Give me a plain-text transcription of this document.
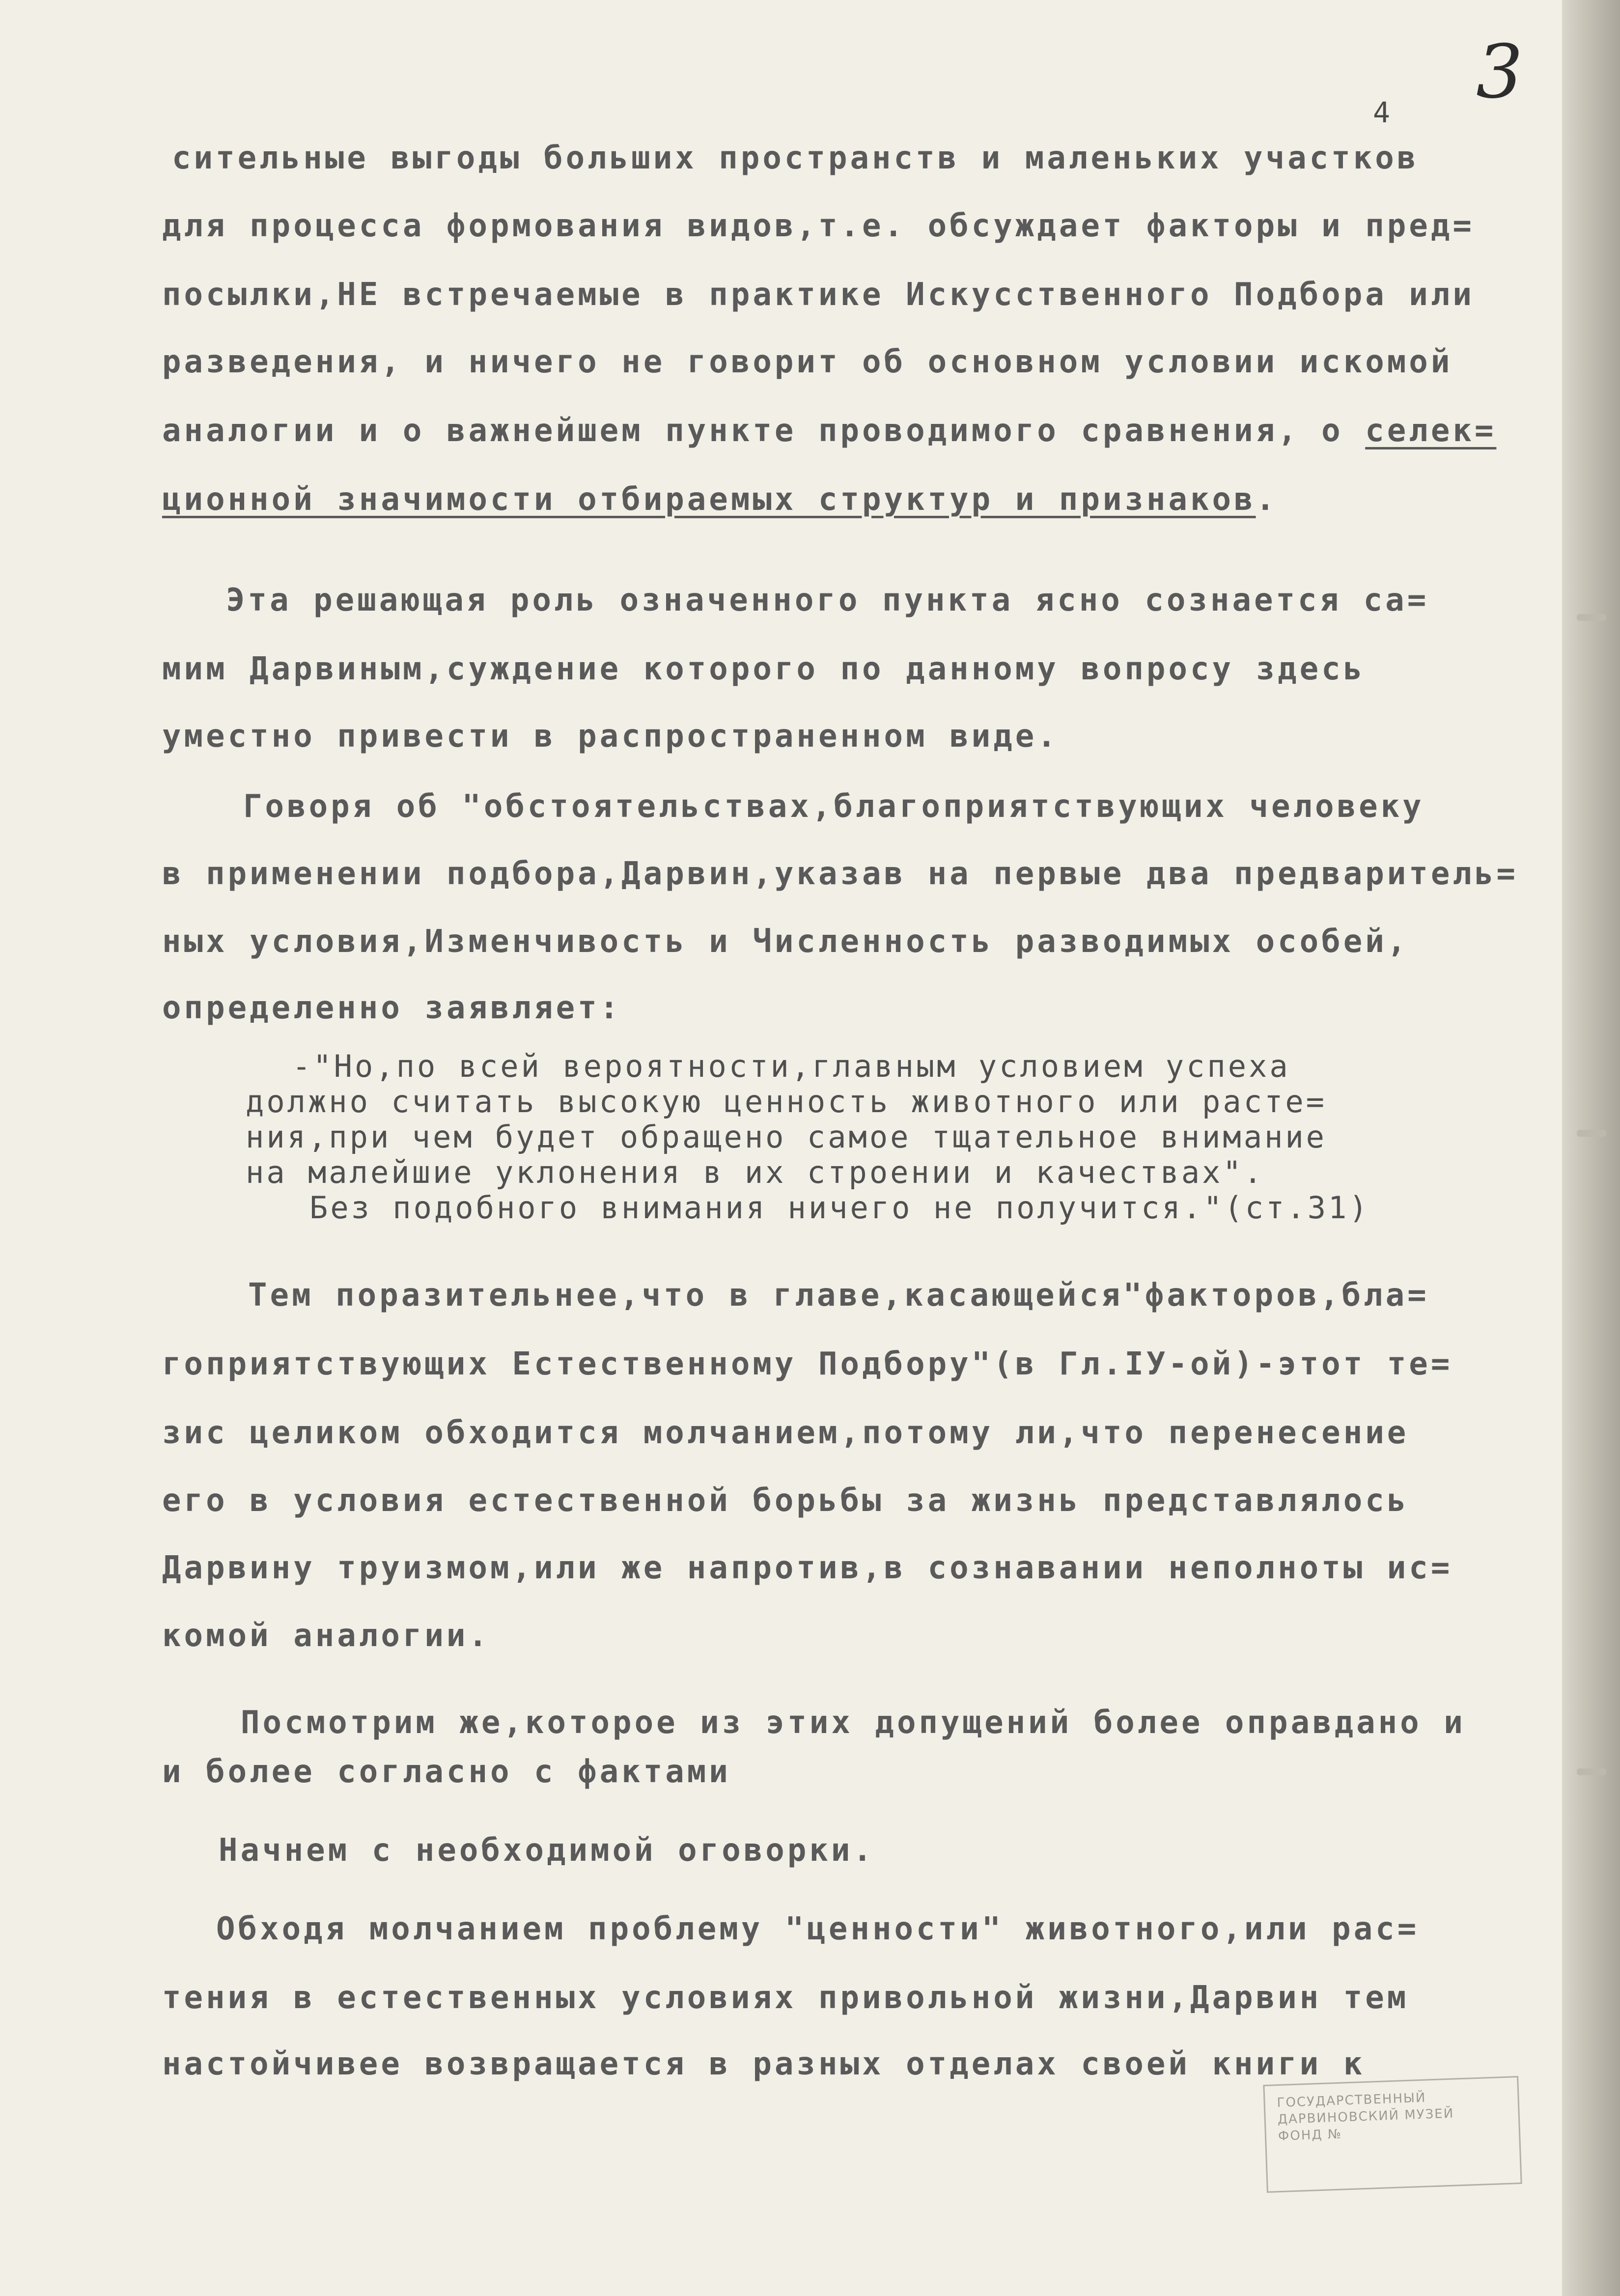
4 3
сительные выгоды больших пространств и маленьких участков
для процесса формования видов,т.е. обсуждает факторы и пред=
посылки,НЕ встречаемые в практике Искусственного Подбора или
разведения, и ничего не говорит об основном условии искомой
аналогии и о важнейшем пункте проводимого сравнения, о селек=
ционной значимости отбираемых структур и признаков.
Эта решающая роль означенного пункта ясно сознается са=
мим Дарвиным,суждение которого по данному вопросу здесь
уместно привести в распространенном виде.
Говоря об "обстоятельствах,благоприятствующих человеку
в применении подбора,Дарвин,указав на первые два предваритель=
ных условия,Изменчивость и Численность разводимых особей,
определенно заявляет:
-"Но,по всей вероятности,главным условием успеха
должно считать высокую ценность животного или расте=
ния,при чем будет обращено самое тщательное внимание
на малейшие уклонения в их строении и качествах".
Без подобного внимания ничего не получится."(ст.31)
Тем поразительнее,что в главе,касающейся"факторов,бла=
гоприятствующих Естественному Подбору"(в Гл.IУ-ой)-этот те=
зис целиком обходится молчанием,потому ли,что перенесение
его в условия естественной борьбы за жизнь представлялось
Дарвину труизмом,или же напротив,в сознавании неполноты ис=
комой аналогии.
Посмотрим же,которое из этих допущений более оправдано и
и более согласно с фактами
Начнем с необходимой оговорки.
Обходя молчанием проблему "ценности" животного,или рас=
тения в естественных условиях привольной жизни,Дарвин тем
настойчивее возвращается в разных отделах своей книги к
ГОСУДАРСТВЕННЫЙ
ДАРВИНОВСКИЙ МУЗЕЙ
ФОНД №
